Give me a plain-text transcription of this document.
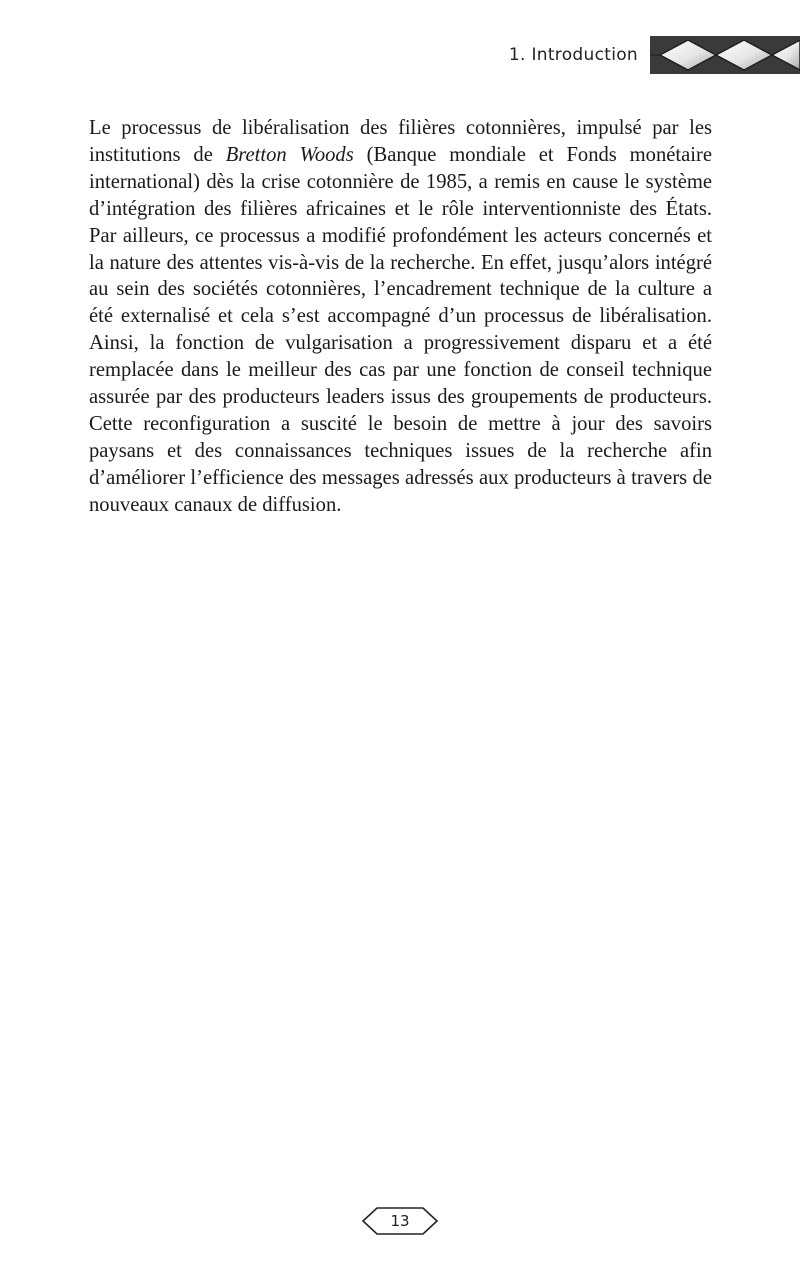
1. Introduction

Le processus de libéralisation des filières cotonnières, impulsé par les institutions de Bretton Woods (Banque mondiale et Fonds monétaire international) dès la crise cotonnière de 1985, a remis en cause le système d’intégration des filières africaines et le rôle interventionniste des États. Par ailleurs, ce processus a modifié profondément les acteurs concernés et la nature des attentes vis-à-vis de la recherche. En effet, jusqu’alors intégré au sein des sociétés cotonnières, l’encadrement technique de la culture a été externalisé et cela s’est accompagné d’un processus de libéralisation. Ainsi, la fonction de vulgarisation a progressivement disparu et a été remplacée dans le meilleur des cas par une fonction de conseil technique assurée par des producteurs leaders issus des groupements de producteurs. Cette reconfiguration a suscité le besoin de mettre à jour des savoirs paysans et des connaissances techniques issues de la recherche afin d’améliorer l’efficience des messages adressés aux producteurs à travers de nouveaux canaux de diffusion.

13
